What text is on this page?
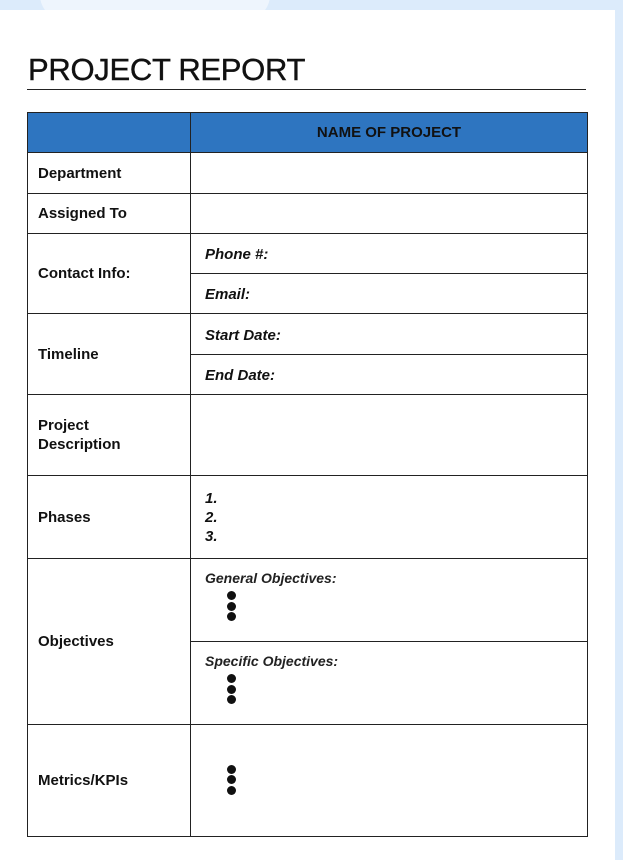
PROJECT REPORT
	NAME OF PROJECT
Department	
Assigned To	
Contact Info:	Phone #:
	Email:
Timeline	Start Date:
	End Date:

Project
Description	

Phases	1.
2.
3.

Objectives	General Objectives:

	Specific Objectives:

Metrics/KPIs	
